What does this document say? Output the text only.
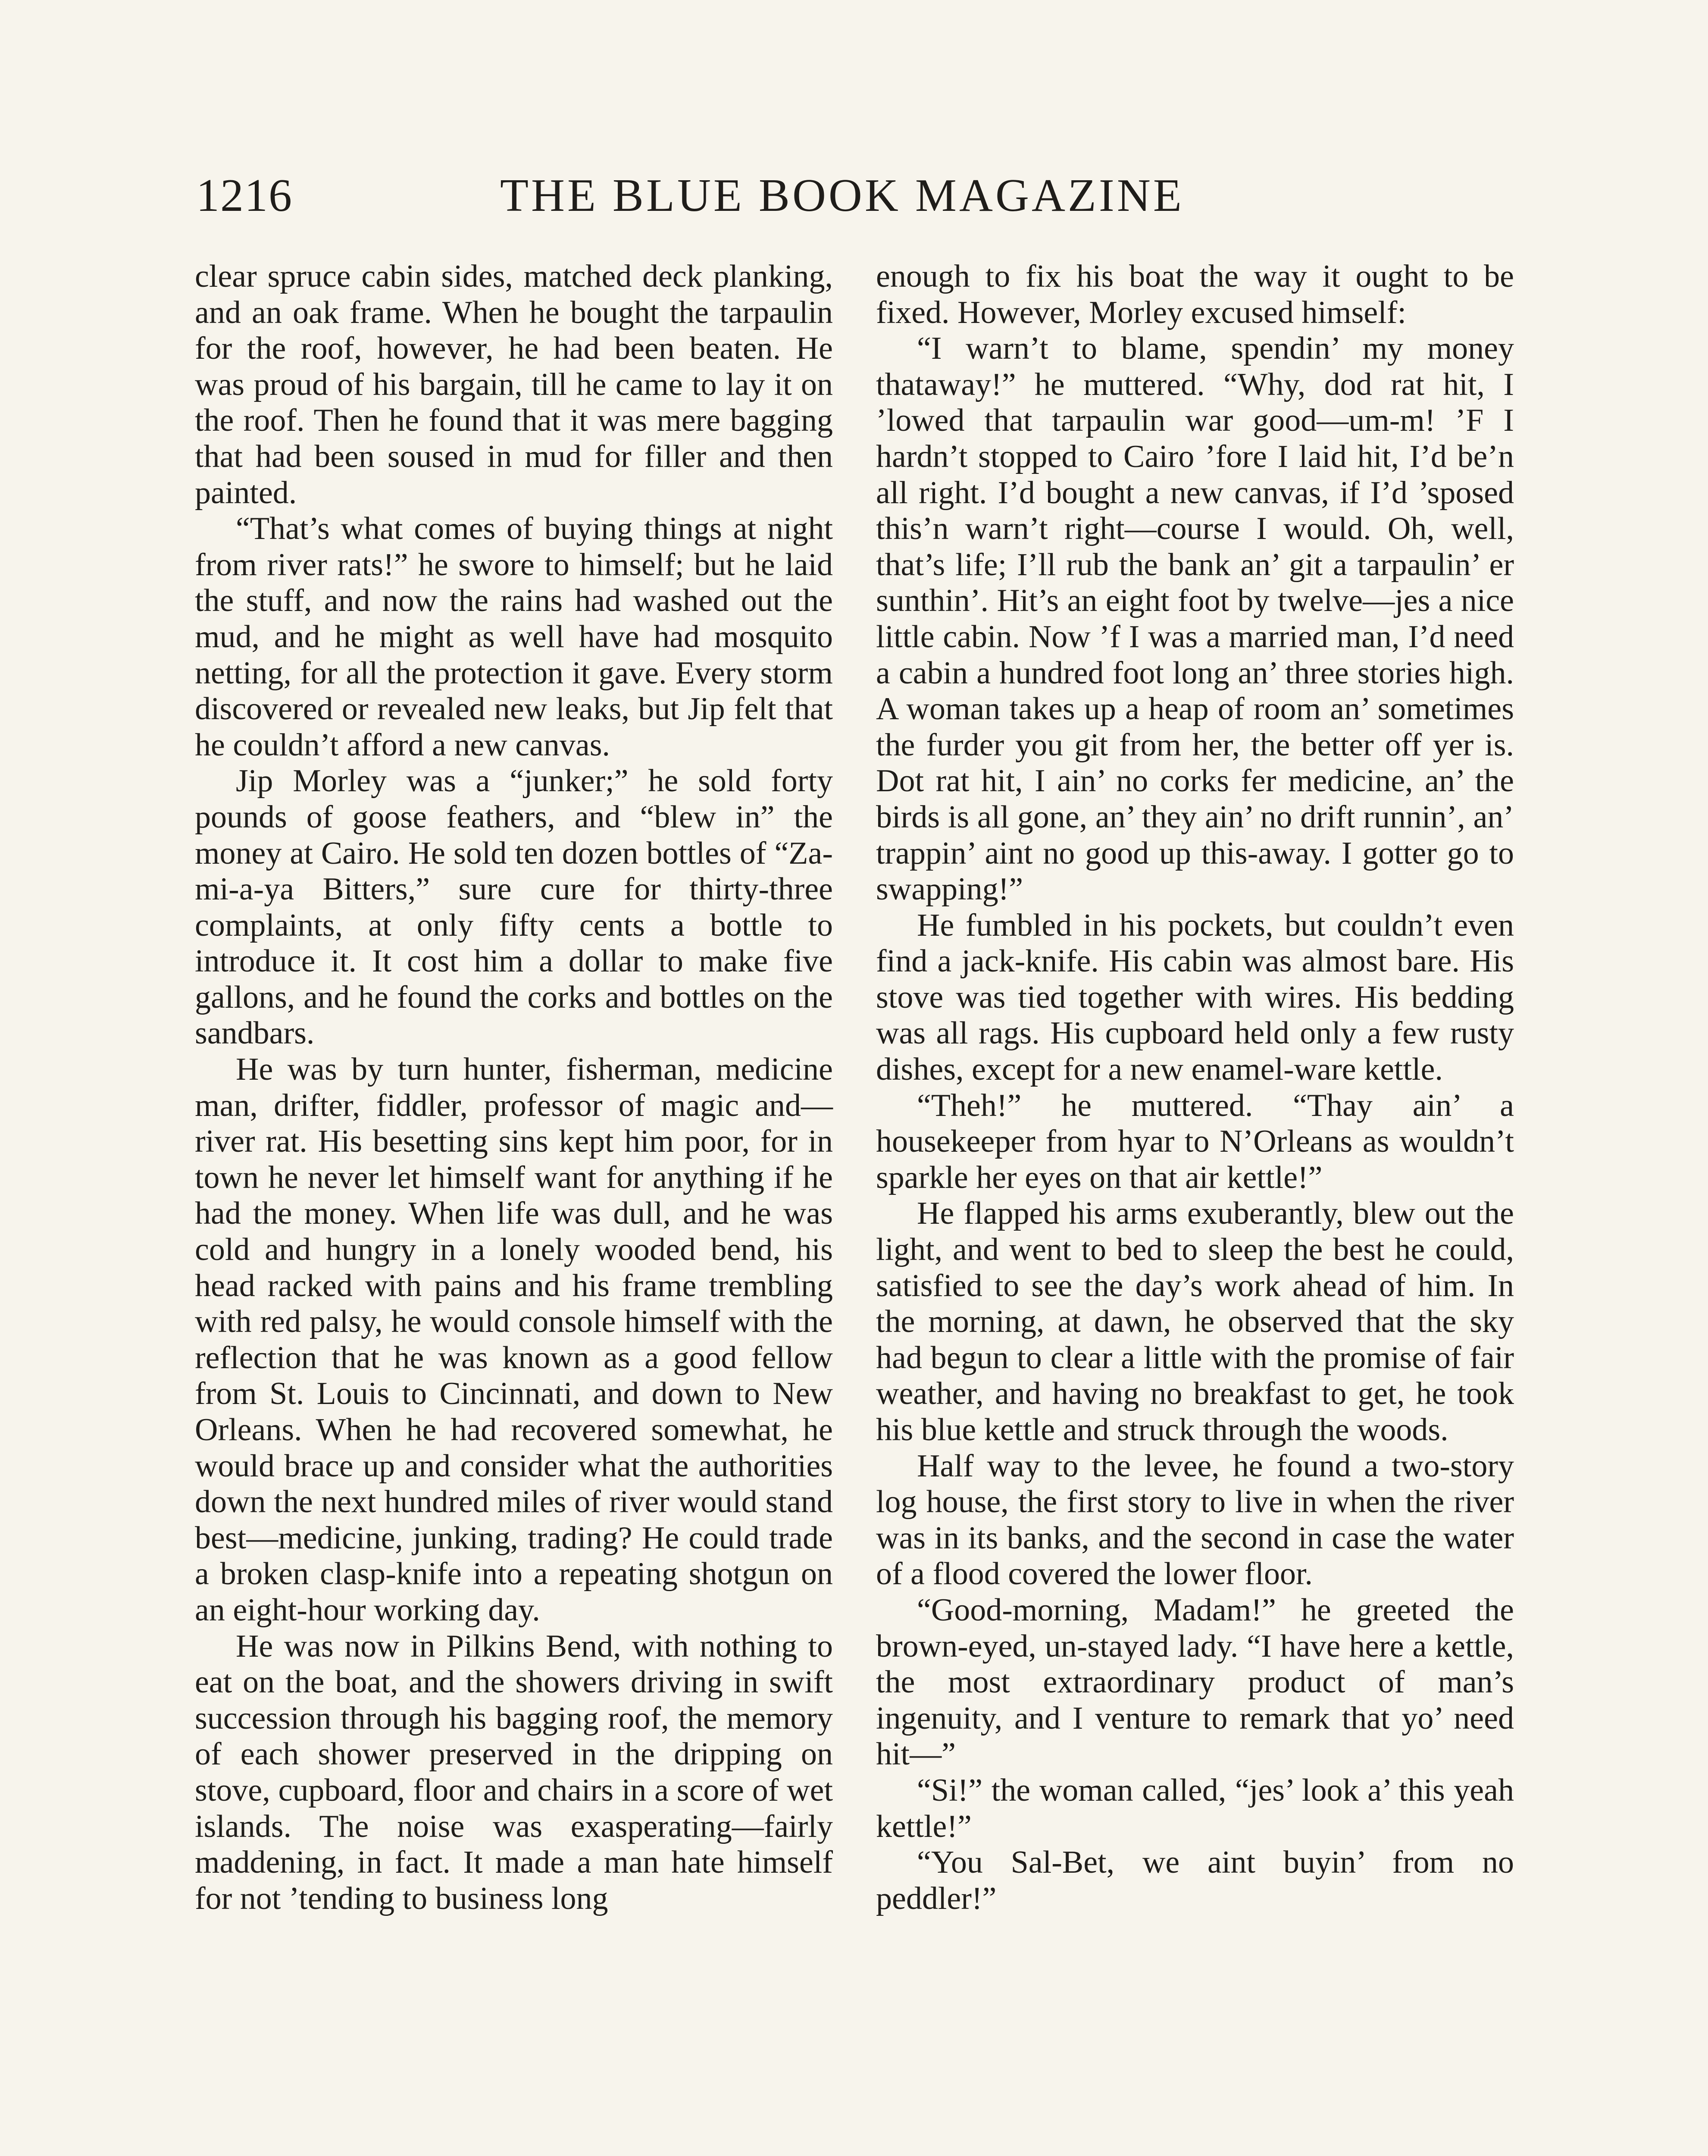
1216	THE BLUE BOOK MAGAZINE

clear spruce cabin sides, matched deck planking, and an oak frame. When he bought the tarpaulin for the roof, however, he had been beaten. He was proud of his bargain, till he came to lay it on the roof. Then he found that it was mere bagging that had been soused in mud for filler and then painted.

“That’s what comes of buying things at night from river rats!” he swore to himself; but he laid the stuff, and now the rains had washed out the mud, and he might as well have had mosquito netting, for all the protection it gave. Every storm discovered or revealed new leaks, but Jip felt that he couldn’t afford a new canvas.

Jip Morley was a “junker;” he sold forty pounds of goose feathers, and “blew in” the money at Cairo. He sold ten dozen bottles of “Za-mi-a-ya Bitters,” sure cure for thirty-three complaints, at only fifty cents a bottle to introduce it. It cost him a dollar to make five gallons, and he found the corks and bottles on the sandbars.

He was by turn hunter, fisherman, medicine man, drifter, fiddler, professor of magic and—river rat. His besetting sins kept him poor, for in town he never let himself want for anything if he had the money. When life was dull, and he was cold and hungry in a lonely wooded bend, his head racked with pains and his frame trembling with red palsy, he would console himself with the reflection that he was known as a good fellow from St. Louis to Cincinnati, and down to New Orleans. When he had recovered somewhat, he would brace up and consider what the authorities down the next hundred miles of river would stand best—medicine, junking, trading? He could trade a broken clasp-knife into a repeating shotgun on an eight-hour working day.

He was now in Pilkins Bend, with nothing to eat on the boat, and the showers driving in swift succession through his bagging roof, the memory of each shower preserved in the dripping on stove, cupboard, floor and chairs in a score of wet islands. The noise was exasperating—fairly maddening, in fact. It made a man hate himself for not ’tending to business long

enough to fix his boat the way it ought to be fixed. However, Morley excused himself:

“I warn’t to blame, spendin’ my money thataway!” he muttered. “Why, dod rat hit, I ’lowed that tarpaulin war good—um-m! ’F I hardn’t stopped to Cairo ’fore I laid hit, I’d be’n all right. I’d bought a new canvas, if I’d ’sposed this’n warn’t right—course I would. Oh, well, that’s life; I’ll rub the bank an’ git a tarpaulin’ er sunthin’. Hit’s an eight foot by twelve—jes a nice little cabin. Now ’f I was a married man, I’d need a cabin a hundred foot long an’ three stories high. A woman takes up a heap of room an’ sometimes the furder you git from her, the better off yer is. Dot rat hit, I ain’ no corks fer medicine, an’ the birds is all gone, an’ they ain’ no drift runnin’, an’ trappin’ aint no good up this-away. I gotter go to swapping!”

He fumbled in his pockets, but couldn’t even find a jack-knife. His cabin was almost bare. His stove was tied together with wires. His bedding was all rags. His cupboard held only a few rusty dishes, except for a new enamel-ware kettle.

“Theh!” he muttered. “Thay ain’ a housekeeper from hyar to N’Orleans as wouldn’t sparkle her eyes on that air kettle!”

He flapped his arms exuberantly, blew out the light, and went to bed to sleep the best he could, satisfied to see the day’s work ahead of him. In the morning, at dawn, he observed that the sky had begun to clear a little with the promise of fair weather, and having no breakfast to get, he took his blue kettle and struck through the woods.

Half way to the levee, he found a two-story log house, the first story to live in when the river was in its banks, and the second in case the water of a flood covered the lower floor.

“Good-morning, Madam!” he greeted the brown-eyed, un-stayed lady. “I have here a kettle, the most extraordinary product of man’s ingenuity, and I venture to remark that yo’ need hit—”

“Si!” the woman called, “jes’ look a’ this yeah kettle!”

“You Sal-Bet, we aint buyin’ from no peddler!”
